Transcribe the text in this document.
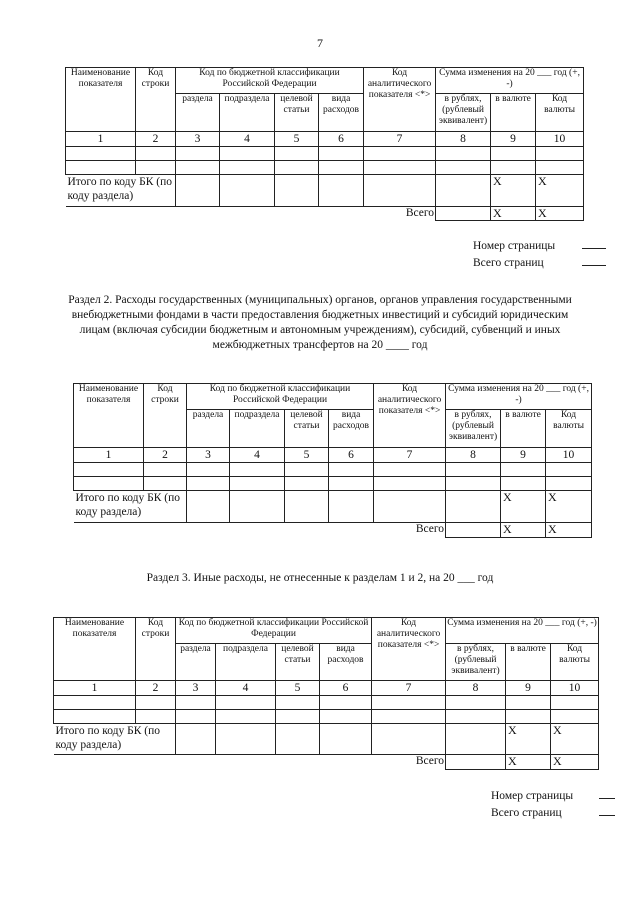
7
Наименование показателя	Код строки	Код по бюджетной классификации Российской Федерации				Код аналитического показателя <*>	Сумма изменения на 20 ___ год (+, -)		
		раздела	подраздела	целевой статьи	вида расходов		в рублях, (рублевый эквивалент)	в валюте	Код валюты
1	2	3	4	5	6	7	8	9	10

Итого по коду БК (по коду раздела)								X	X
Всего								X	X
Номер страницы
Всего страниц
Раздел 2. Расходы государственных (муниципальных) органов, органов управления государственными внебюджетными фондами в части предоставления бюджетных инвестиций и субсидий юридическим лицам (включая субсидии бюджетным и автономным учреждениям), субсидий, субвенций и иных межбюджетных трансфертов на 20 ____ год
Наименование показателя	Код строки	Код по бюджетной классификации Российской Федерации				Код аналитического показателя <*>	Сумма изменения на 20 ___ год (+, -)		
		раздела	подраздела	целевой статьи	вида расходов		в рублях, (рублевый эквивалент)	в валюте	Код валюты
1	2	3	4	5	6	7	8	9	10

Итого по коду БК (по коду раздела)								X	X
Всего								X	X
Раздел 3. Иные расходы, не отнесенные к разделам 1 и 2, на 20 ___ год
Наименование показателя	Код строки	Код по бюджетной классификации Российской Федерации				Код аналитического показателя <*>	Сумма изменения на 20 ___ год (+, -)		
		раздела	подраздела	целевой статьи	вида расходов		в рублях, (рублевый эквивалент)	в валюте	Код валюты
1	2	3	4	5	6	7	8	9	10

Итого по коду БК (по коду раздела)								X	X
Всего								X	X
Номер страницы
Всего страниц
